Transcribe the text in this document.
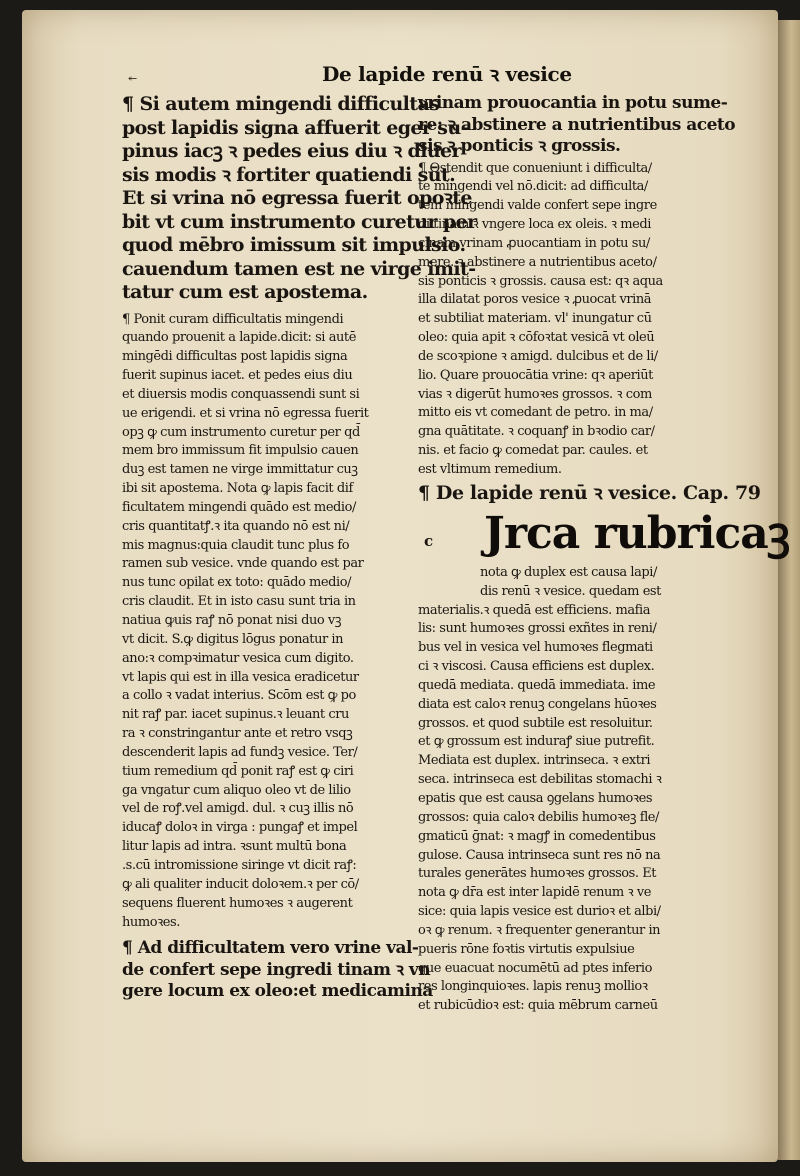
↞	De lapide renū ꝛ vesice
¶ Si autem mingendi difficultas
post lapidis signa affuerit eger su-
pinus iacꝫ ꝛ pedes eius diu ꝛ diuer
sis modis ꝛ fortiter quatiendi sūt.
Et si vrina nō egressa fuerit opoꝛte
bit vt cum instrumento curetur per
quod mēbro imissum sit impulsio.
cauendum tamen est ne virge imit-
tatur cum est apostema.
¶ Ponit curam difficultatis mingendi
quando prouenit a lapide.dicit: si autē
mingēdi difficultas post lapidis signa
fuerit supinus iacet. et pedes eius diu
et diuersis modis conquassendi sunt si
ue erigendi. et si vrina nō egressa fuerit
opꝫ ꝙ cum instrumento curetur per qd̄
mem bro immissum fit impulsio cauen
duꝫ est tamen ne virge immittatur cuꝫ
ibi sit apostema. Nota ꝙ lapis facit dif
ficultatem mingendi quādo est medio/
cris quantitatꝭ.ꝛ ita quando nō est ni/
mis magnus:quia claudit tunc plus fo
ramen sub vesice. vnde quando est par
nus tunc opilat ex toto: quādo medio/
cris claudit. Et in isto casu sunt tria in
natiua ꝙuis raꝭ nō ponat nisi duo vꝫ
vt dicit. S.ꝙ digitus lōgus ponatur in
ano:ꝛ compꝛimatur vesica cum digito.
vt lapis qui est in illa vesica eradicetur
a collo ꝛ vadat interius. Scōm est ꝙ po
nit raꝭ par. iacet supinus.ꝛ leuant cru
ra ꝛ constringantur ante et retro vsqꝫ
descenderit lapis ad fundꝫ vesice. Ter/
tium remedium qd̄ ponit raꝭ est ꝙ ciri
ga vngatur cum aliquo oleo vt de lilio
vel de roꝭ.vel amigd. dul. ꝛ cuꝫ illis nō
iducaꝭ doloꝛ in virga : pungaꝭ et impel
litur lapis ad intra. ꝛsunt multū bona
.s.cū intromissione siringe vt dicit raꝭ:
ꝙ ali qualiter inducit doloꝛem.ꝛ per cō/
sequens fluerent humoꝛes ꝛ augerent
humoꝛes.
¶ Ad difficultatem vero vrine val-
de confert sepe ingredi tinam ꝛ vn
gere locum ex oleo:et medicamina
vrinam prouocantia in potu sume-
re: ꝛ abstinere a nutrientibus aceto
sis ꝛ ponticis ꝛ grossis.
¶ Ostendit que conueniunt i difficulta/
te mingendi vel nō.dicit: ad difficulta/
tem mingendi valde confert sepe ingre
di tinam ꝛ vngere loca ex oleis. ꝛ medi
cinam vrinam ꝓuocantiam in potu su/
mere. ꝛ abstinere a nutrientibus aceto/
sis ponticis ꝛ grossis. causa est: qꝛ aqua
illa dilatat poros vesice ꝛ ꝓuocat vrinā
et subtiliat materiam. vl' inungatur cū
oleo: quia apit ꝛ cōfoꝛtat vesicā vt oleū
de scoꝛpione ꝛ amigd. dulcibus et de li/
lio. Quare prouocātia vrine: qꝛ aperiūt
vias ꝛ digerūt humoꝛes grossos. ꝛ com
mitto eis vt comedant de petro. in ma/
gna quātitate. ꝛ coquanꝭ in bꝛodio car/
nis. et facio ꝙ comedat par. caules. et
est vltimum remedium.
¶ De lapide renū ꝛ vesice. Cap. 79
c Jrca rubricaꝫ
nota ꝙ duplex est causa lapi/
dis renū ꝛ vesice. quedam est
materialis.ꝛ quedā est efficiens. mafia
lis: sunt humoꝛes grossi exñtes in reni/
bus vel in vesica vel humoꝛes flegmati
ci ꝛ viscosi. Causa efficiens est duplex.
quedā mediata. quedā immediata. ime
diata est caloꝛ renuꝫ congelans hūoꝛes
grossos. et quod subtile est resoluitur.
et ꝙ grossum est induraꝭ siue putrefit.
Mediata est duplex. intrinseca. ꝛ extri
seca. intrinseca est debilitas stomachi ꝛ
epatis que est causa ꝯgelans humoꝛes
grossos: quia caloꝛ debilis humoꝛeꝫ fle/
gmaticū ḡnat: ꝛ magꝭ in comedentibus
gulose. Causa intrinseca sunt res nō na
turales generātes humoꝛes grossos. Et
nota ꝙ dr̄a est inter lapidē renum ꝛ ve
sice: quia lapis vesice est durioꝛ et albi/
oꝛ ꝙ renum. ꝛ frequenter generantur in
pueris rōne foꝛtis virtutis expulsiue
que euacuat nocumētū ad ptes inferio
res longinquioꝛes. lapis renuꝫ mollioꝛ
et rubicūdioꝛ est: quia mēbrum carneū
